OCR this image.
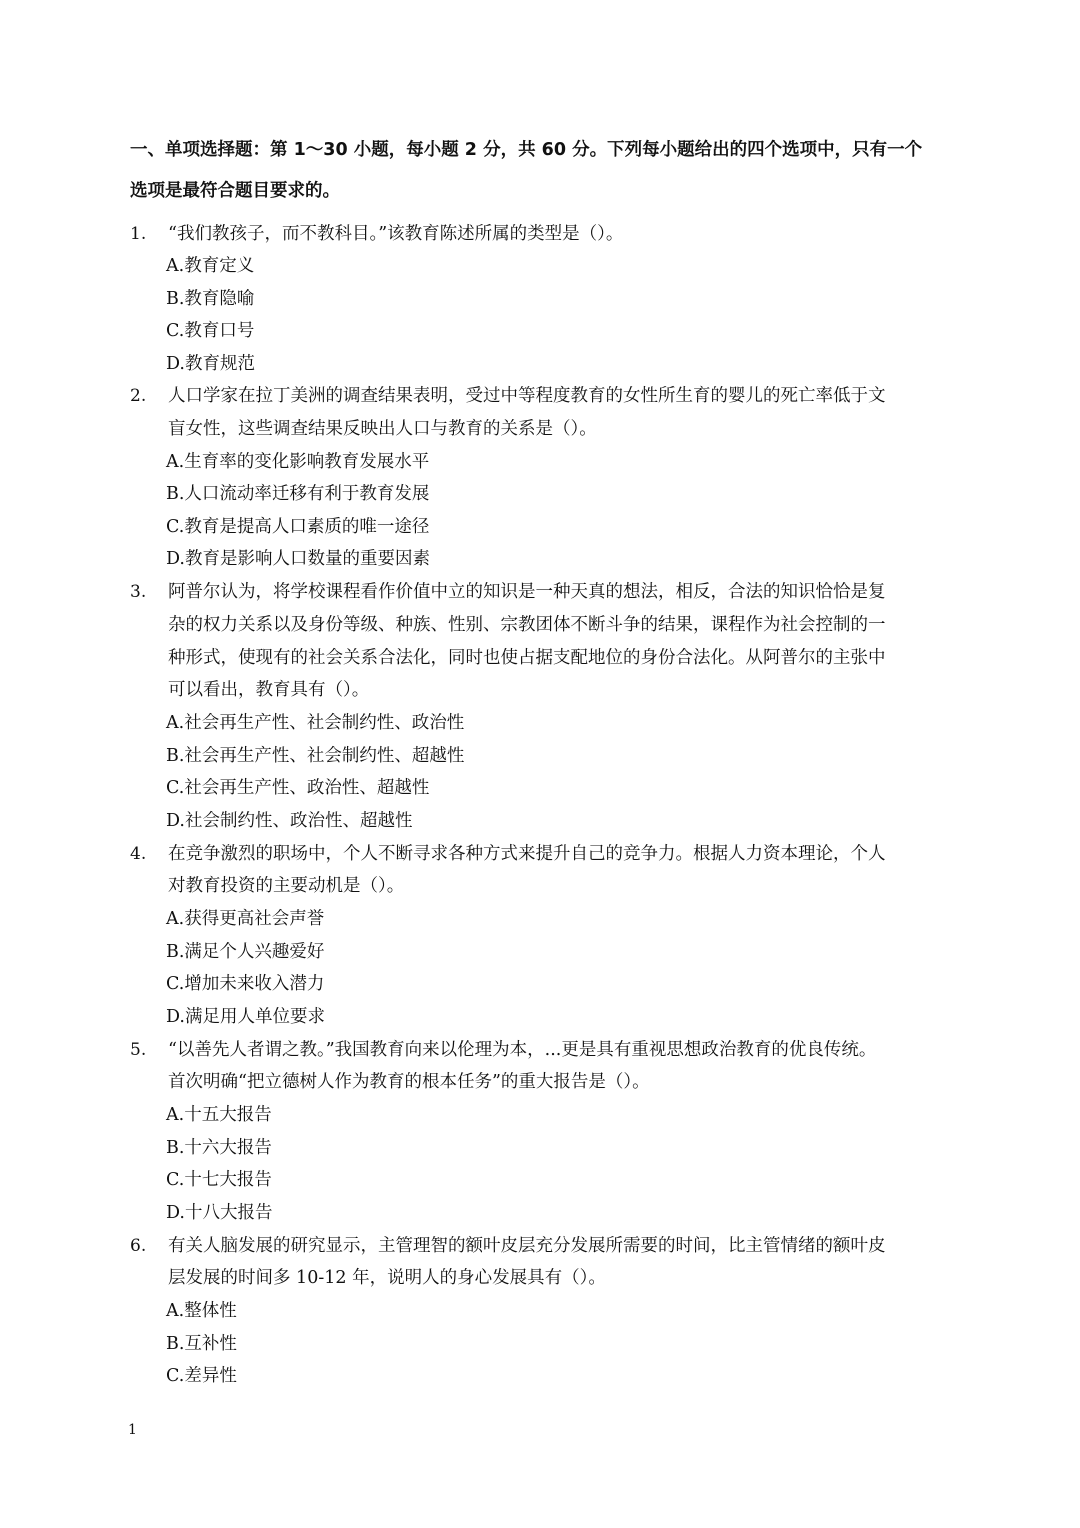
一、单项选择题：第 1～30 小题，每小题 2 分，共 60 分。下列每小题给出的四个选项中，只有一个
选项是最符合题目要求的。
1. “我们教孩子，而不教科目。”该教育陈述所属的类型是（）。
A.教育定义
B.教育隐喻
C.教育口号
D.教育规范
2. 人口学家在拉丁美洲的调查结果表明，受过中等程度教育的女性所生育的婴儿的死亡率低于文
盲女性，这些调查结果反映出人口与教育的关系是（）。
A.生育率的变化影响教育发展水平
B.人口流动率迁移有利于教育发展
C.教育是提高人口素质的唯一途径
D.教育是影响人口数量的重要因素
3. 阿普尔认为，将学校课程看作价值中立的知识是一种天真的想法，相反，合法的知识恰恰是复
杂的权力关系以及身份等级、种族、性别、宗教团体不断斗争的结果，课程作为社会控制的一
种形式，使现有的社会关系合法化，同时也使占据支配地位的身份合法化。从阿普尔的主张中
可以看出，教育具有（）。
A.社会再生产性、社会制约性、政治性
B.社会再生产性、社会制约性、超越性
C.社会再生产性、政治性、超越性
D.社会制约性、政治性、超越性
4. 在竞争激烈的职场中，个人不断寻求各种方式来提升自己的竞争力。根据人力资本理论，个人
对教育投资的主要动机是（）。
A.获得更高社会声誉
B.满足个人兴趣爱好
C.增加未来收入潜力
D.满足用人单位要求
5. “以善先人者谓之教。”我国教育向来以伦理为本，...更是具有重视思想政治教育的优良传统。
首次明确“把立德树人作为教育的根本任务”的重大报告是（）。
A.十五大报告
B.十六大报告
C.十七大报告
D.十八大报告
6. 有关人脑发展的研究显示，主管理智的额叶皮层充分发展所需要的时间，比主管情绪的额叶皮
层发展的时间多 10-12 年，说明人的身心发展具有（）。
A.整体性
B.互补性
C.差异性
1
